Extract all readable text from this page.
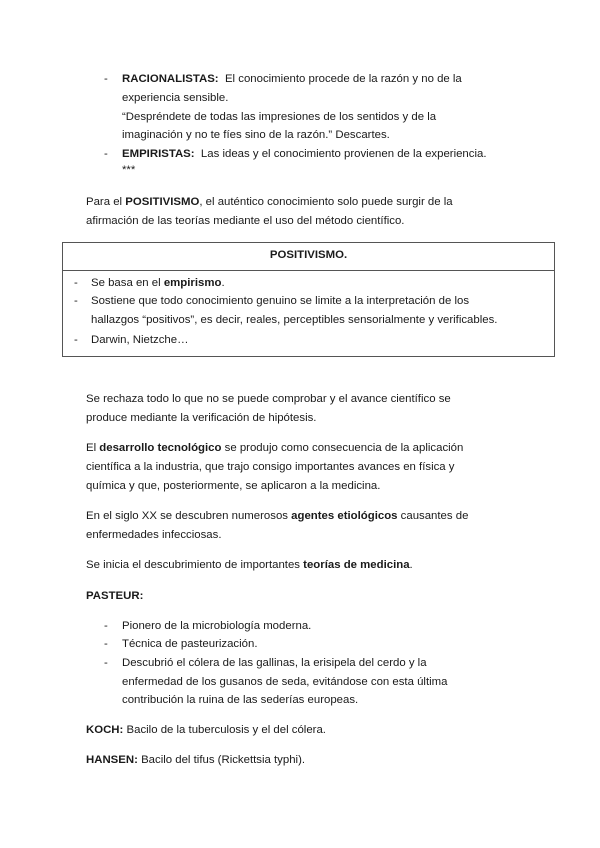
- RACIONALISTAS: El conocimiento procede de la razón y no de la
experiencia sensible.
“Despréndete de todas las impresiones de los sentidos y de la
imaginación y no te fíes sino de la razón.” Descartes.
- EMPIRISTAS: Las ideas y el conocimiento provienen de la experiencia.
***
Para el POSITIVISMO, el auténtico conocimiento solo puede surgir de la
afirmación de las teorías mediante el uso del método científico.
POSITIVISMO.
- Se basa en el empirismo.
- Sostiene que todo conocimiento genuino se limite a la interpretación de los
hallazgos “positivos”, es decir, reales, perceptibles sensorialmente y verificables.
- Darwin, Nietzche…
Se rechaza todo lo que no se puede comprobar y el avance científico se
produce mediante la verificación de hipótesis.
El desarrollo tecnológico se produjo como consecuencia de la aplicación
científica a la industria, que trajo consigo importantes avances en física y
química y que, posteriormente, se aplicaron a la medicina.
En el siglo XX se descubren numerosos agentes etiológicos causantes de
enfermedades infecciosas.
Se inicia el descubrimiento de importantes teorías de medicina.
PASTEUR:
- Pionero de la microbiología moderna.
- Técnica de pasteurización.
- Descubrió el cólera de las gallinas, la erisipela del cerdo y la
enfermedad de los gusanos de seda, evitándose con esta última
contribución la ruina de las sederías europeas.
KOCH: Bacilo de la tuberculosis y el del cólera.
HANSEN: Bacilo del tifus (Rickettsia typhi).
